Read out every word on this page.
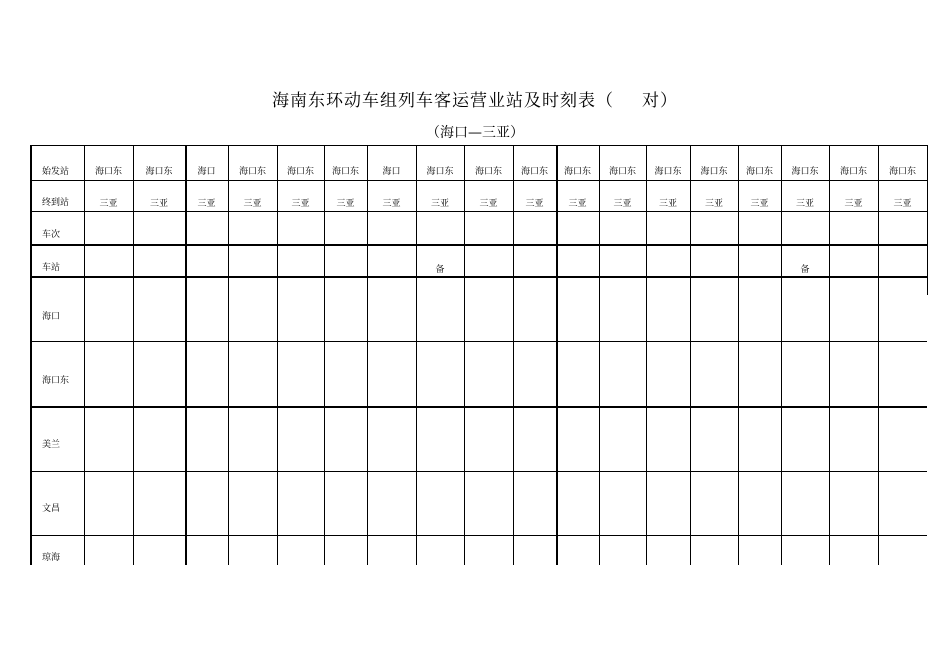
海南东环动车组列车客运营业站及时刻表（ 对）
（海口—三亚）
始发站
终到站
车次
车站
海口
海口东
美兰
文昌
琼海
海口东
三亚
海口东
三亚
海口
三亚
海口东
三亚
海口东
三亚
海口东
三亚
海口
三亚
海口东
三亚
备
海口东
三亚
海口东
三亚
海口东
三亚
海口东
三亚
海口东
三亚
海口东
三亚
海口东
三亚
海口东
三亚
备
海口东
三亚
海口东
三亚
